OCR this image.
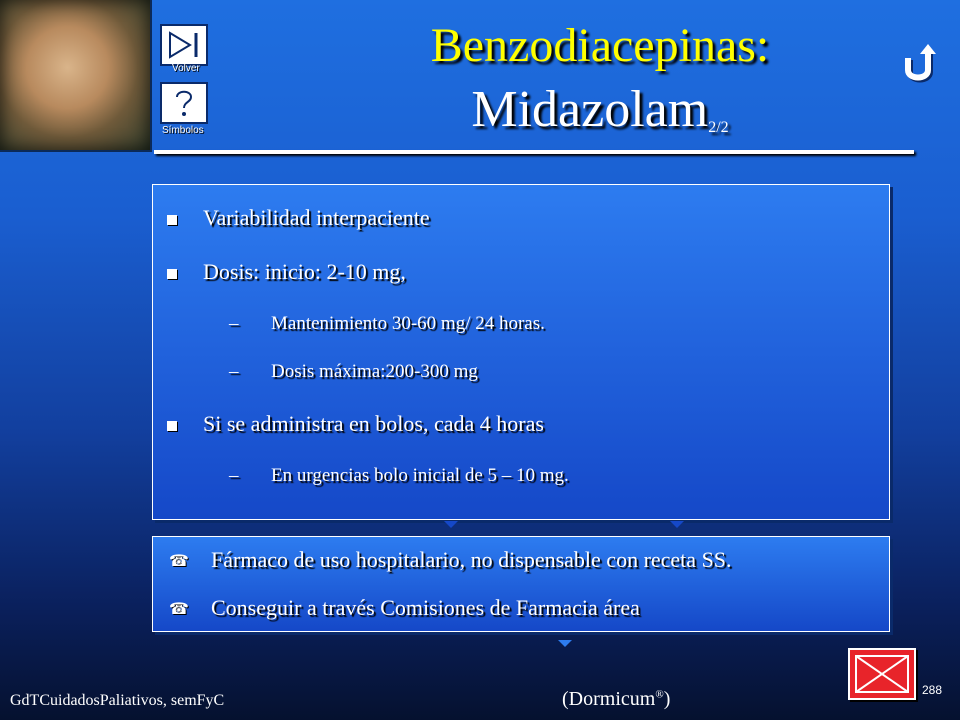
Volver
Símbolos
Benzodiacepinas:
Midazolam$_{2/2}$
Variabilidad interpaciente
Dosis: inicio: 2-10 mg,
– Mantenimiento 30-60 mg/ 24 horas.
– Dosis máxima:200-300 mg
Si se administra en bolos, cada 4 horas
– En urgencias bolo inicial de 5 – 10 mg.
☎ Fármaco de uso hospitalario, no dispensable con receta SS.
☎ Conseguir a través Comisiones de Farmacia área
GdTCuidadosPaliativos, semFyC	(Dormicum®)	288
